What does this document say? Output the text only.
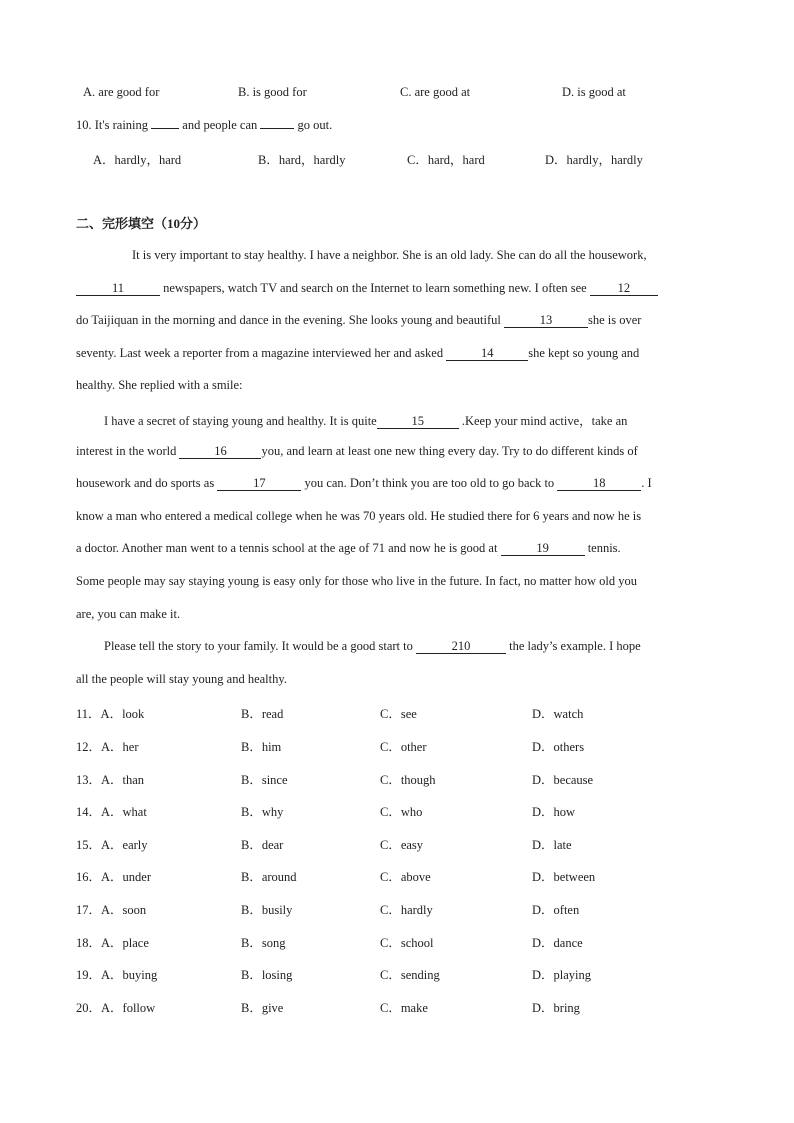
A. are good for	B. is good for	C. are good at	D. is good at
10. It's raining	and people can	go out.
A．hardly，hard	B．hard，hardly	C．hard，hard	D．hardly，hardly
二、完形填空（10分）
It is very important to stay healthy. I have a neighbor. She is an old lady. She can do all the housework,
11	newspapers, watch TV and search on the Internet to learn something new. I often see 12
do Taijiquan in the morning and dance in the evening. She looks young and beautiful	13	she is over
seventy. Last week a reporter from a magazine interviewed her and asked	14	she kept so young and
healthy. She replied with a smile:
I have a secret of staying young and healthy. It is quite	15	.Keep your mind active，take an
interest in the world	16	you, and learn at least one new thing every day. Try to do different kinds of
housework and do sports as	17	you can. Don’t think you are too old to go back to	18	. I
know a man who entered a medical college when he was 70 years old. He studied there for 6 years and now he is
a doctor. Another man went to a tennis school at the age of 71 and now he is good at	19	tennis.
Some people may say staying young is easy only for those who live in the future. In fact, no matter how old you
are, you can make it.
Please tell the story to your family. It would be a good start to	210	the lady’s example. I hope
all the people will stay young and healthy.
11．A．look	B．read	C．see	D．watch
12．A．her	B．him	C．other	D．others
13．A．than	B．since	C．though	D．because
14．A．what	B．why	C．who	D．how
15．A．early	B．dear	C．easy	D．late
16．A．under	B．around	C．above	D．between
17．A．soon	B．busily	C．hardly	D．often
18．A．place	B．song	C．school	D．dance
19．A．buying	B．losing	C．sending	D．playing
20．A．follow	B．give	C．make	D．bring
